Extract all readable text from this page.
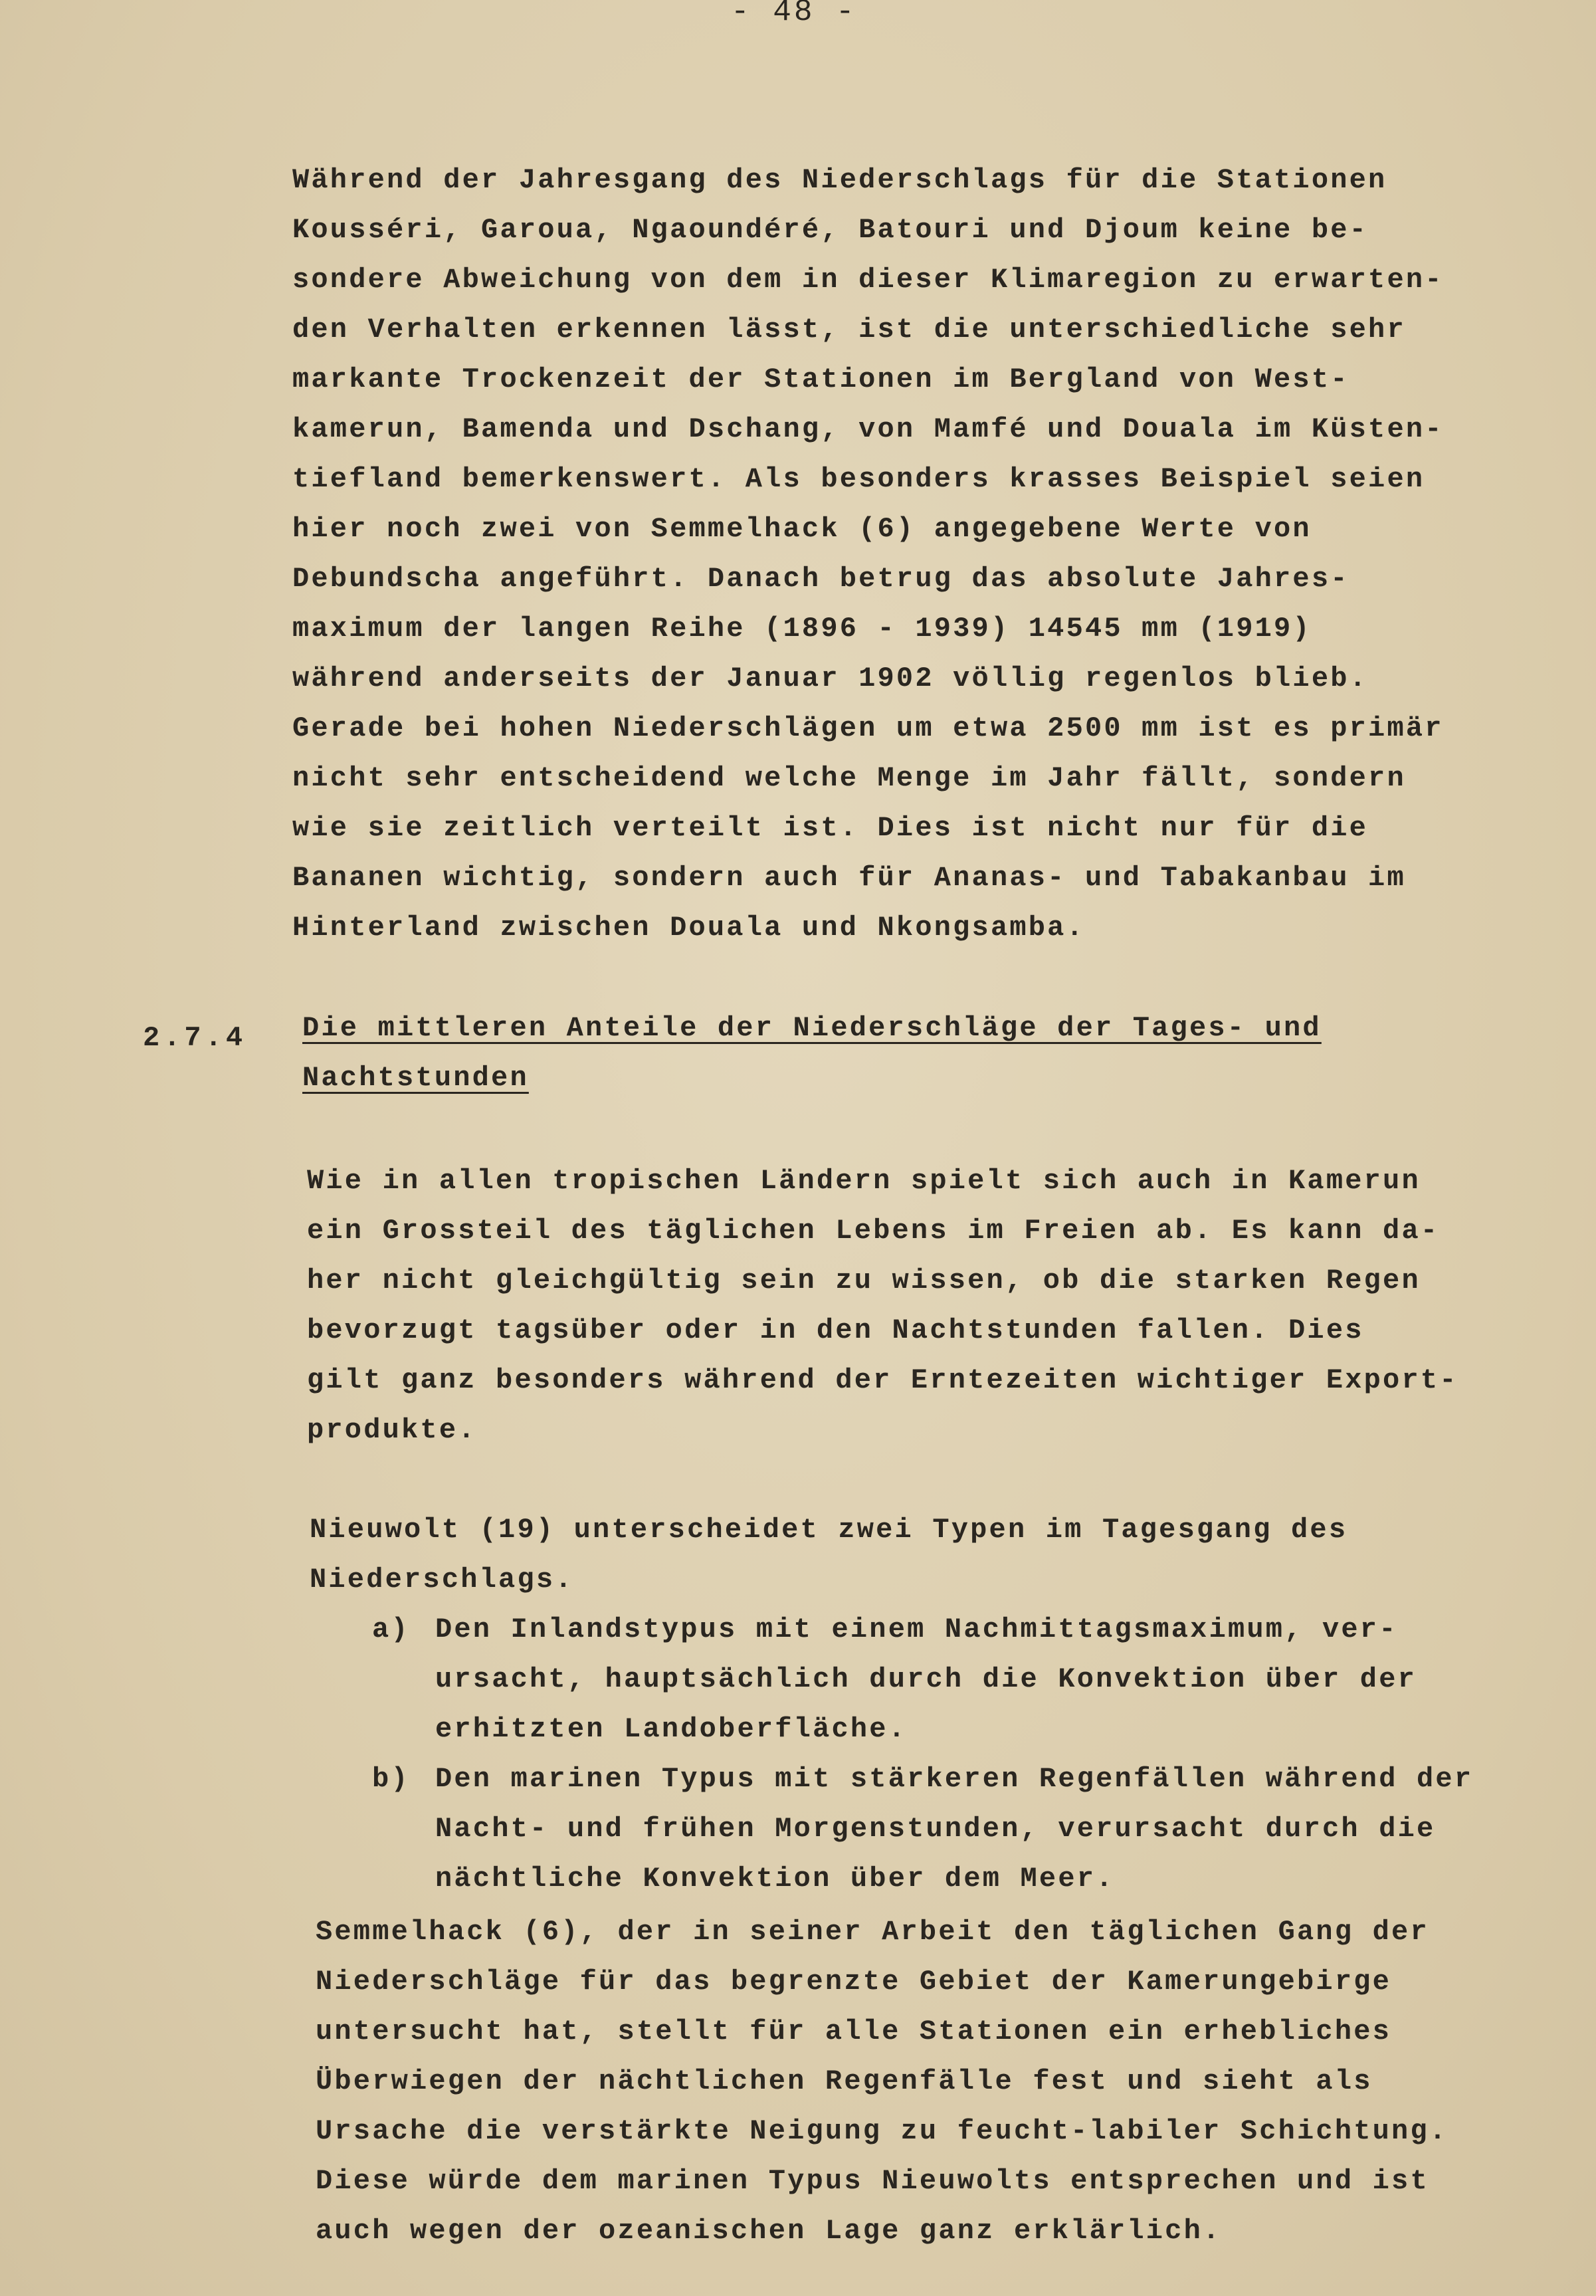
- 48 -
Während der Jahresgang des Niederschlags für die Stationen
Kousséri, Garoua, Ngaoundéré, Batouri und Djoum keine be-
sondere Abweichung von dem in dieser Klimaregion zu erwarten-
den Verhalten erkennen lässt, ist die unterschiedliche sehr
markante Trockenzeit der Stationen im Bergland von West-
kamerun, Bamenda und Dschang, von Mamfé und Douala im Küsten-
tiefland bemerkenswert. Als besonders krasses Beispiel seien
hier noch zwei von Semmelhack (6) angegebene Werte von
Debundscha angeführt. Danach betrug das absolute Jahres-
maximum der langen Reihe (1896 - 1939) 14545 mm (1919)
während anderseits der Januar 1902 völlig regenlos blieb.
Gerade bei hohen Niederschlägen um etwa 2500 mm ist es primär
nicht sehr entscheidend welche Menge im Jahr fällt, sondern
wie sie zeitlich verteilt ist. Dies ist nicht nur für die
Bananen wichtig, sondern auch für Ananas- und Tabakanbau im
Hinterland zwischen Douala und Nkongsamba.
2.7.4 Die mittleren Anteile der Niederschläge der Tages- und
Nachtstunden
Wie in allen tropischen Ländern spielt sich auch in Kamerun
ein Grossteil des täglichen Lebens im Freien ab. Es kann da-
her nicht gleichgültig sein zu wissen, ob die starken Regen
bevorzugt tagsüber oder in den Nachtstunden fallen. Dies
gilt ganz besonders während der Erntezeiten wichtiger Export-
produkte.
Nieuwolt (19) unterscheidet zwei Typen im Tagesgang des
Niederschlags.
a) Den Inlandstypus mit einem Nachmittagsmaximum, ver-
ursacht, hauptsächlich durch die Konvektion über der
erhitzten Landoberfläche.
b) Den marinen Typus mit stärkeren Regenfällen während der
Nacht- und frühen Morgenstunden, verursacht durch die
nächtliche Konvektion über dem Meer.
Semmelhack (6), der in seiner Arbeit den täglichen Gang der
Niederschläge für das begrenzte Gebiet der Kamerungebirge
untersucht hat, stellt für alle Stationen ein erhebliches
Überwiegen der nächtlichen Regenfälle fest und sieht als
Ursache die verstärkte Neigung zu feucht-labiler Schichtung.
Diese würde dem marinen Typus Nieuwolts entsprechen und ist
auch wegen der ozeanischen Lage ganz erklärlich.
